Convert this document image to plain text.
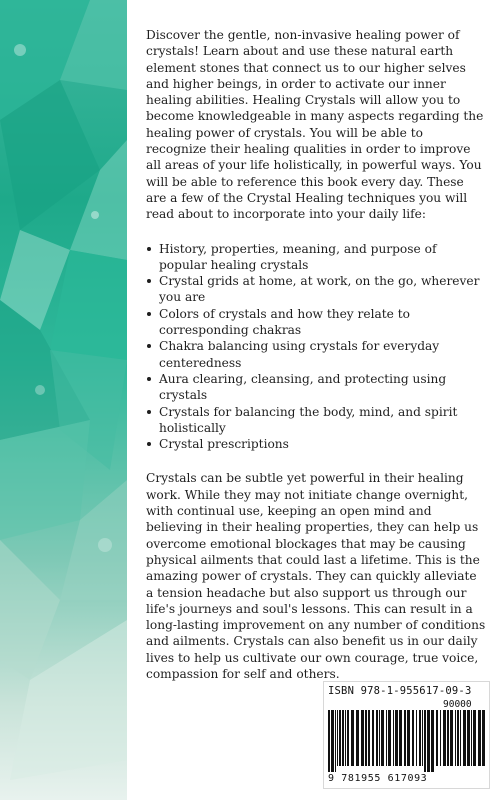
Discover the gentle, non-invasive healing power of crystals! Learn about and use these natural earth element stones that connect us to our higher selves and higher beings, in order to activate our inner healing abilities. Healing Crystals will allow you to become knowledgeable in many aspects regarding the healing power of crystals. You will be able to recognize their healing qualities in order to improve all areas of your life holistically, in powerful ways. You will be able to reference this book every day. These are a few of the Crystal Healing techniques you will read about to incorporate into your daily life:

History, properties, meaning, and purpose of popular healing crystals
Crystal grids at home, at work, on the go, wherever you are
Colors of crystals and how they relate to corresponding chakras
Chakra balancing using crystals for everyday centeredness
Aura clearing, cleansing, and protecting using crystals
Crystals for balancing the body, mind, and spirit holistically
Crystal prescriptions

Crystals can be subtle yet powerful in their healing work. While they may not initiate change overnight, with continual use, keeping an open mind and believing in their healing properties, they can help us overcome emotional blockages that may be causing physical ailments that could last a lifetime. This is the amazing power of crystals. They can quickly alleviate a tension headache but also support us through our life's journeys and soul's lessons. This can result in a long-lasting improvement on any number of conditions and ailments. Crystals can also benefit us in our daily lives to help us cultivate our own courage, true voice, compassion for self and others.

ISBN 978-1-955617-09-3
90000
9 781955 617093
